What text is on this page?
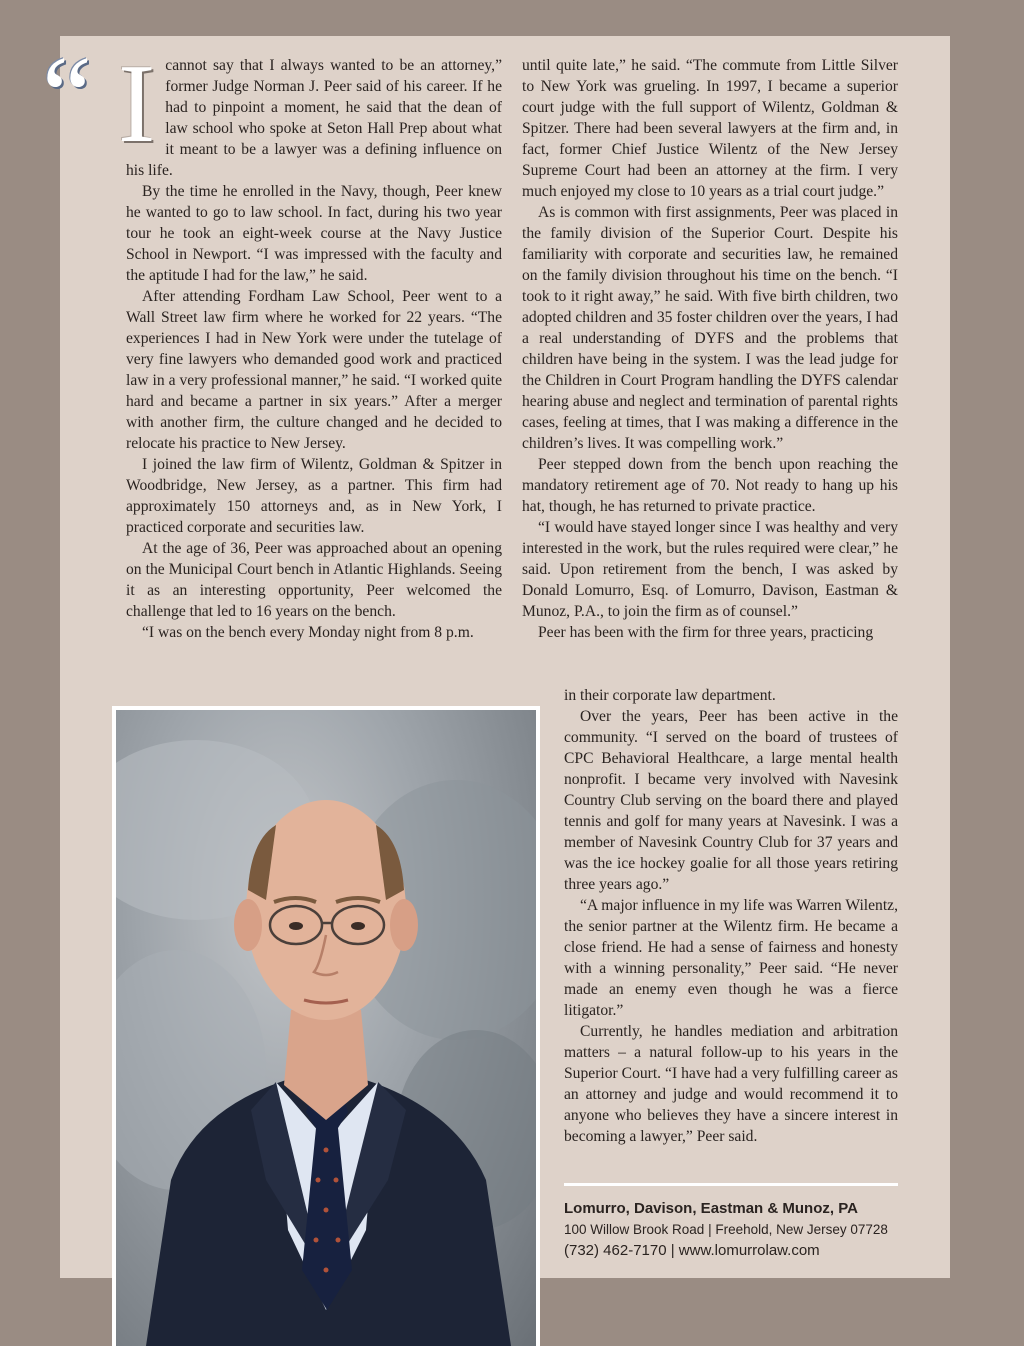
“ Icannot say that I always wanted to be an attorney,” former Judge Norman J. Peer said of his career. If he had to pinpoint a moment, he said that the dean of law school who spoke at Seton Hall Prep about what it meant to be a lawyer was a defining influence on his life.

By the time he enrolled in the Navy, though, Peer knew he wanted to go to law school. In fact, during his two year tour he took an eight-week course at the Navy Justice School in Newport. “I was impressed with the faculty and the aptitude I had for the law,” he said.

After attending Fordham Law School, Peer went to a Wall Street law firm where he worked for 22 years. “The experiences I had in New York were under the tutelage of very fine lawyers who demanded good work and practiced law in a very professional manner,” he said. “I worked quite hard and became a partner in six years.” After a merger with another firm, the culture changed and he decided to relocate his practice to New Jersey.

I joined the law firm of Wilentz, Goldman & Spitzer in Woodbridge, New Jersey, as a partner. This firm had approximately 150 attorneys and, as in New York, I practiced corporate and securities law.

At the age of 36, Peer was approached about an opening on the Municipal Court bench in Atlantic Highlands. Seeing it as an interesting opportunity, Peer welcomed the challenge that led to 16 years on the bench.

“I was on the bench every Monday night from 8 p.m.

until quite late,” he said. “The commute from Little Silver to New York was grueling. In 1997, I became a superior court judge with the full support of Wilentz, Goldman & Spitzer. There had been several lawyers at the firm and, in fact, former Chief Justice Wilentz of the New Jersey Supreme Court had been an attorney at the firm. I very much enjoyed my close to 10 years as a trial court judge.”

As is common with first assignments, Peer was placed in the family division of the Superior Court. Despite his familiarity with corporate and securities law, he remained on the family division throughout his time on the bench. “I took to it right away,” he said. With five birth children, two adopted children and 35 foster children over the years, I had a real understanding of DYFS and the problems that children have being in the system. I was the lead judge for the Children in Court Program handling the DYFS calendar hearing abuse and neglect and termination of parental rights cases, feeling at times, that I was making a difference in the children’s lives. It was compelling work.”

Peer stepped down from the bench upon reaching the mandatory retirement age of 70. Not ready to hang up his hat, though, he has returned to private practice.

“I would have stayed longer since I was healthy and very interested in the work, but the rules required were clear,” he said. Upon retirement from the bench, I was asked by Donald Lomurro, Esq. of Lomurro, Davison, Eastman & Munoz, P.A., to join the firm as of counsel.”

Peer has been with the firm for three years, practicing

in their corporate law department.

Over the years, Peer has been active in the community. “I served on the board of trustees of CPC Behavioral Healthcare, a large mental health nonprofit. I became very involved with Navesink Country Club serving on the board there and played tennis and golf for many years at Navesink. I was a member of Navesink Country Club for 37 years and was the ice hockey goalie for all those years retiring three years ago.”

“A major influence in my life was Warren Wilentz, the senior partner at the Wilentz firm. He became a close friend. He had a sense of fairness and honesty with a winning personality,” Peer said. “He never made an enemy even though he was a fierce litigator.”

Currently, he handles mediation and arbitration matters – a natural follow-up to his years in the Superior Court. “I have had a very fulfilling career as an attorney and judge and would recommend it to anyone who believes they have a sincere interest in becoming a lawyer,” Peer said.

Lomurro, Davison, Eastman & Munoz, PA
100 Willow Brook Road | Freehold, New Jersey 07728
(732) 462-7170 | www.lomurrolaw.com
